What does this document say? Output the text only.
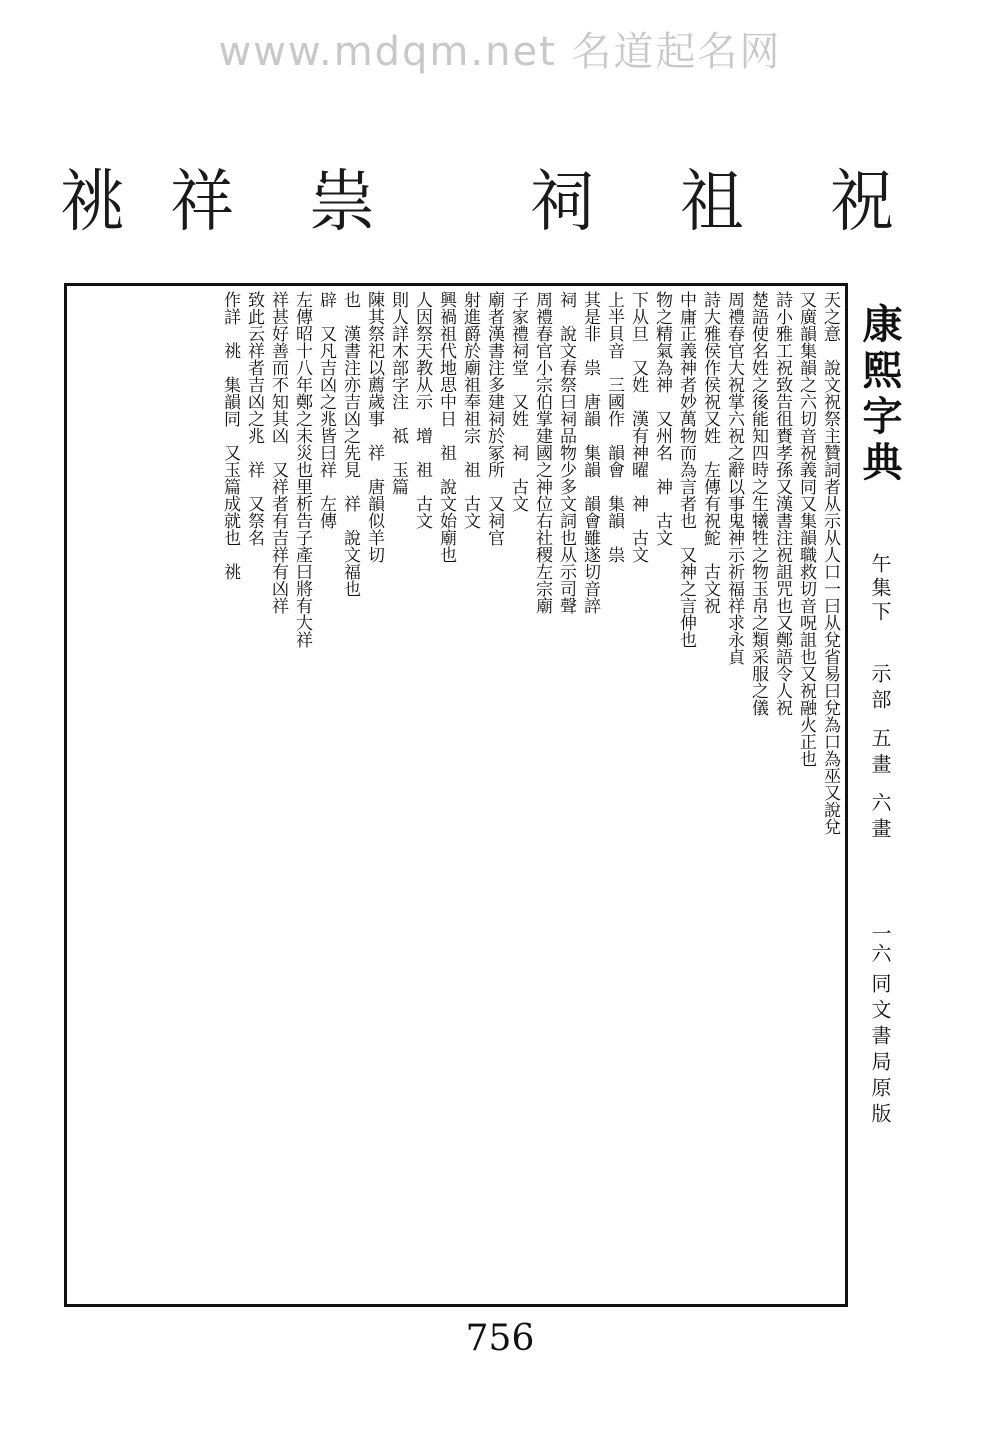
www.mdqm.net 名道起名网
祝
祖
祠
祟
祥
祧
天之意　說文祝祭主贊詞者从示从人口一曰从兌省易曰兌為口為巫又說兌
又廣韻集韻之六切音祝義同又集韻職救切音呪詛也又祝融火正也
詩小雅工祝致告徂賚孝孫又漢書注祝詛咒也又鄭語令人祝
楚語使名姓之後能知四時之生犧牲之物玉帛之類采服之儀
周禮春官大祝掌六祝之辭以事鬼神示祈福祥求永貞
詩大雅侯作侯祝又姓　左傳有祝鮀　古文祝
中庸正義神者妙萬物而為言者也　又神之言伸也
物之精氣為神　又州名　神　古文
下从旦　又姓　漢有神曜　神　古文
上半貝音　三國作　韻會　集韻　祟
其是非　祟　唐韻　集韻　韻會雖遂切音誶
祠　說文春祭曰祠品物少多文詞也从示司聲
周禮春官小宗伯掌建國之神位右社稷左宗廟
子家禮祠堂　又姓　祠　古文
廟者漢書注多建祠於冢所　又祠官
射進爵於廟祖奉祖宗　祖　古文
興禍祖代地思中日　祖　說文始廟也
人因祭天教从示　增　祖　古文
則人詳木部字注　祗　玉篇
陳其祭祀以薦歲事　祥　唐韻似羊切
也　漢書注亦吉凶之先見　祥　說文福也
辟　又凡吉凶之兆皆曰祥　左傳
左傳昭十八年鄭之未災也里析告子產曰將有大祥
祥甚好善而不知其凶　又祥者有吉祥有凶祥
致此云祥者吉凶之兆　祥　又祭名
作詳　祧　集韻同　又玉篇成就也　祧	康熙字典
午集下
示部 五畫 六畫
一六
同文書局原版
756
